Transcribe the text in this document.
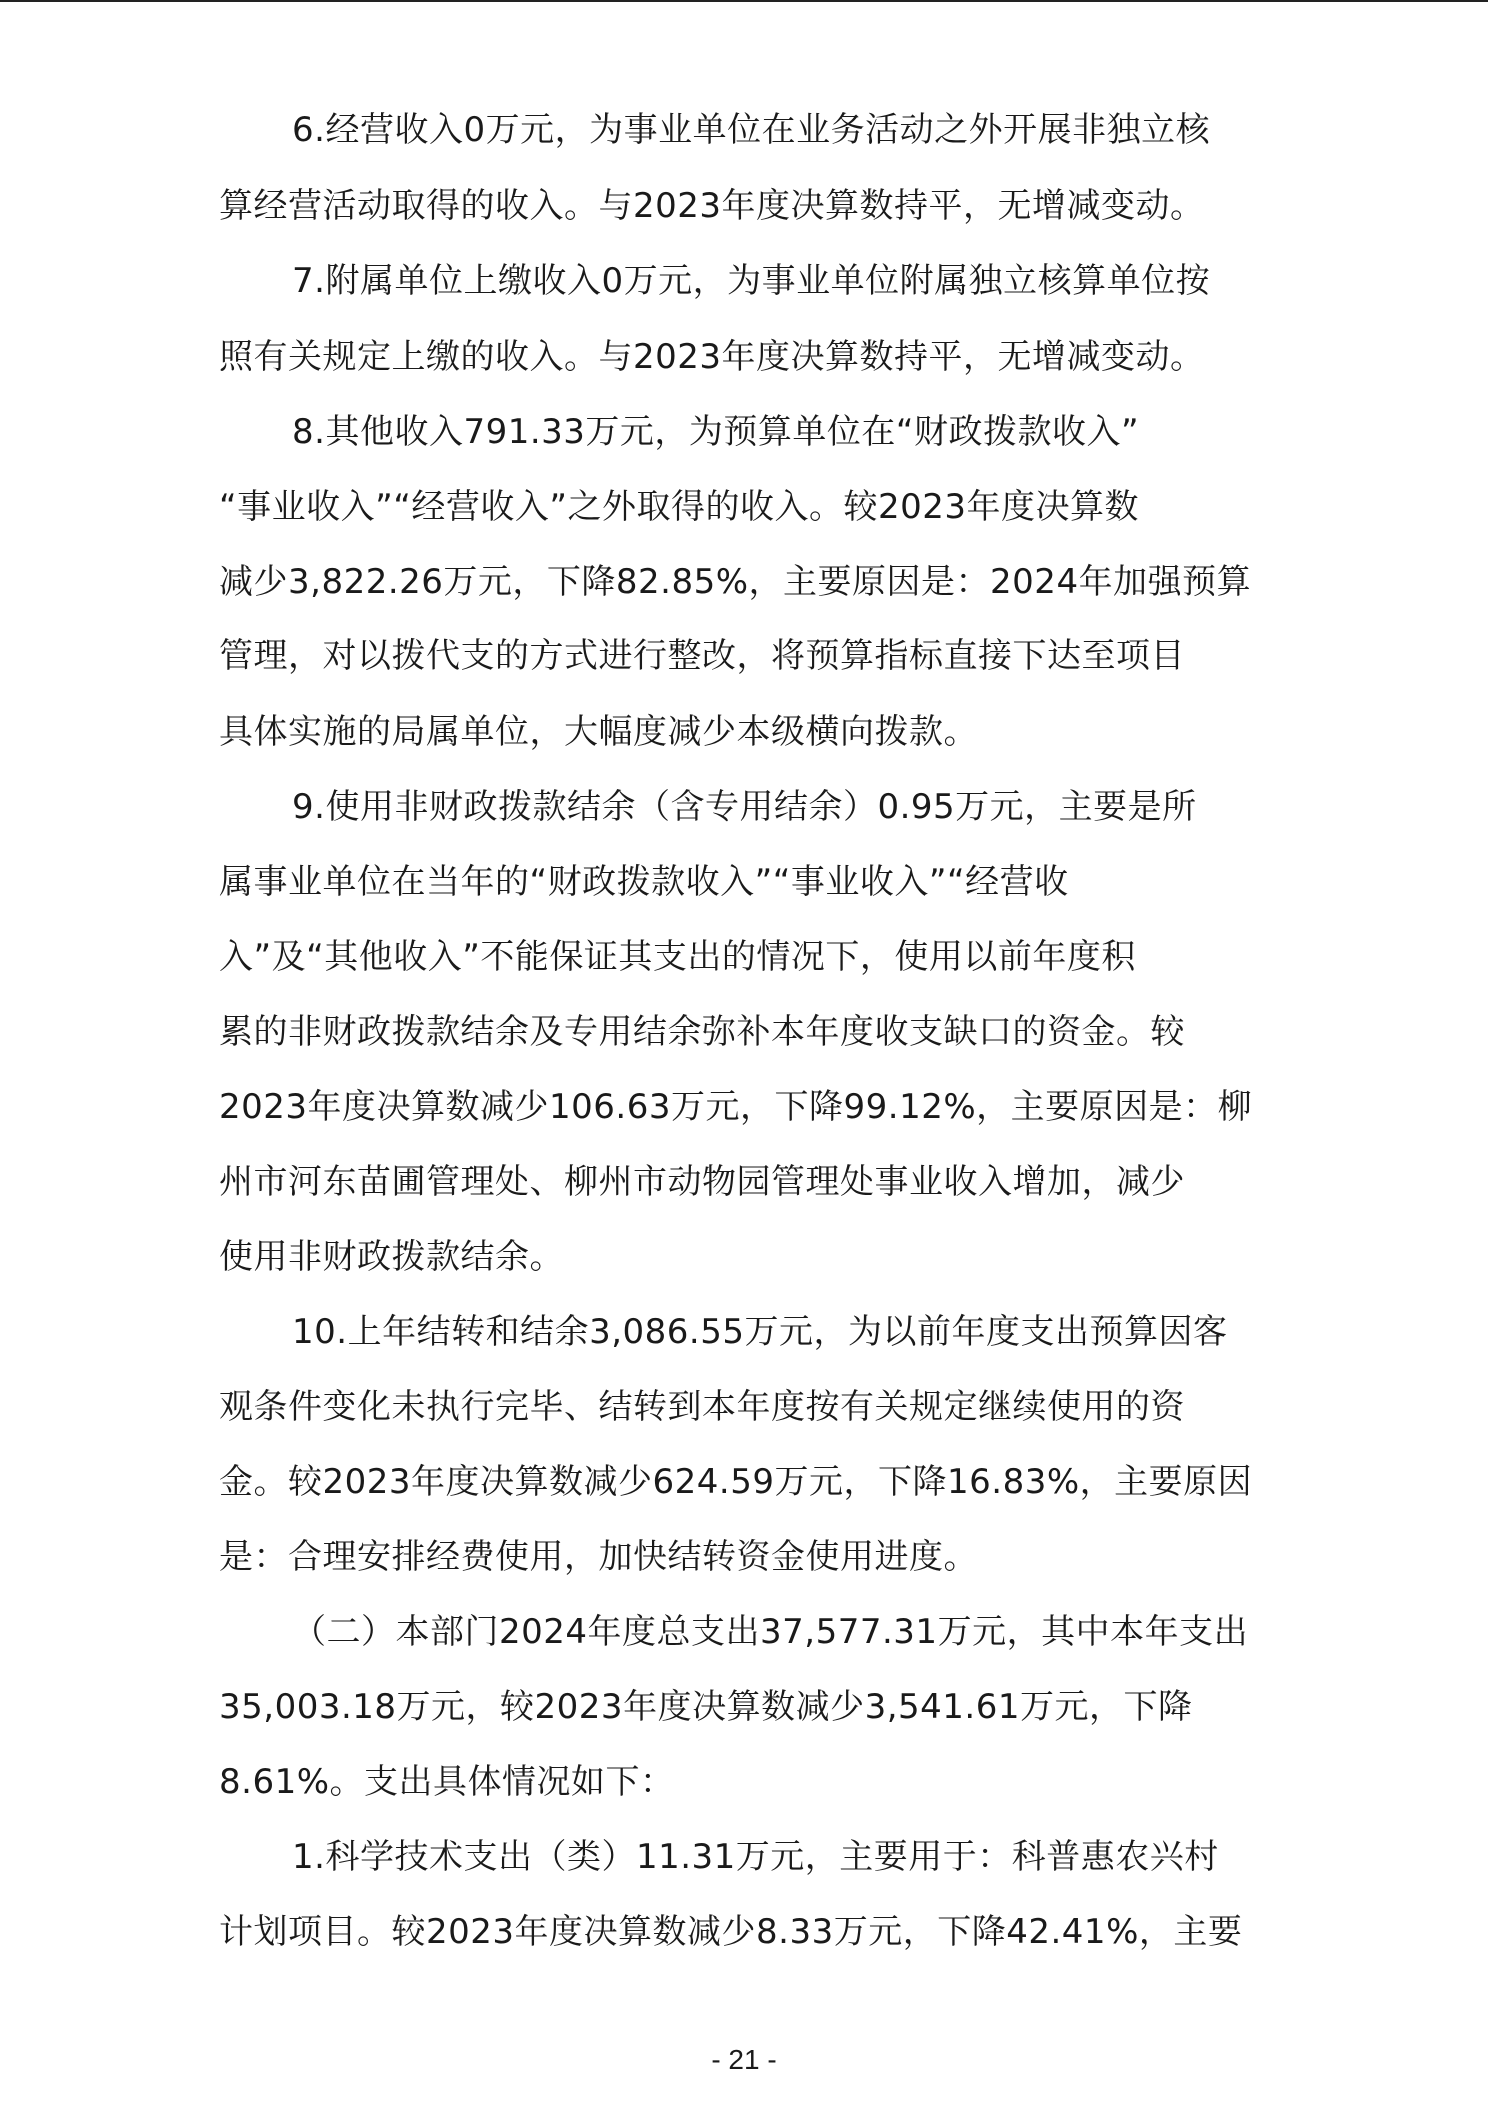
6.经营收入0万元，为事业单位在业务活动之外开展非独立核
算经营活动取得的收入。与2023年度决算数持平，无增减变动。
7.附属单位上缴收入0万元，为事业单位附属独立核算单位按
照有关规定上缴的收入。与2023年度决算数持平，无增减变动。
8.其他收入791.33万元，为预算单位在“财政拨款收入”
“事业收入”“经营收入”之外取得的收入。较2023年度决算数
减少3,822.26万元，下降82.85%，主要原因是：2024年加强预算
管理，对以拨代支的方式进行整改，将预算指标直接下达至项目
具体实施的局属单位，大幅度减少本级横向拨款。
9.使用非财政拨款结余（含专用结余）0.95万元，主要是所
属事业单位在当年的“财政拨款收入”“事业收入”“经营收
入”及“其他收入”不能保证其支出的情况下，使用以前年度积
累的非财政拨款结余及专用结余弥补本年度收支缺口的资金。较
2023年度决算数减少106.63万元，下降99.12%，主要原因是：柳
州市河东苗圃管理处、柳州市动物园管理处事业收入增加，减少
使用非财政拨款结余。
10.上年结转和结余3,086.55万元，为以前年度支出预算因客
观条件变化未执行完毕、结转到本年度按有关规定继续使用的资
金。较2023年度决算数减少624.59万元，下降16.83%，主要原因
是：合理安排经费使用，加快结转资金使用进度。
（二）本部门2024年度总支出37,577.31万元，其中本年支出
35,003.18万元，较2023年度决算数减少3,541.61万元，下降
8.61%。支出具体情况如下：
1.科学技术支出（类）11.31万元，主要用于：科普惠农兴村
计划项目。较2023年度决算数减少8.33万元，下降42.41%，主要
- 21 -
